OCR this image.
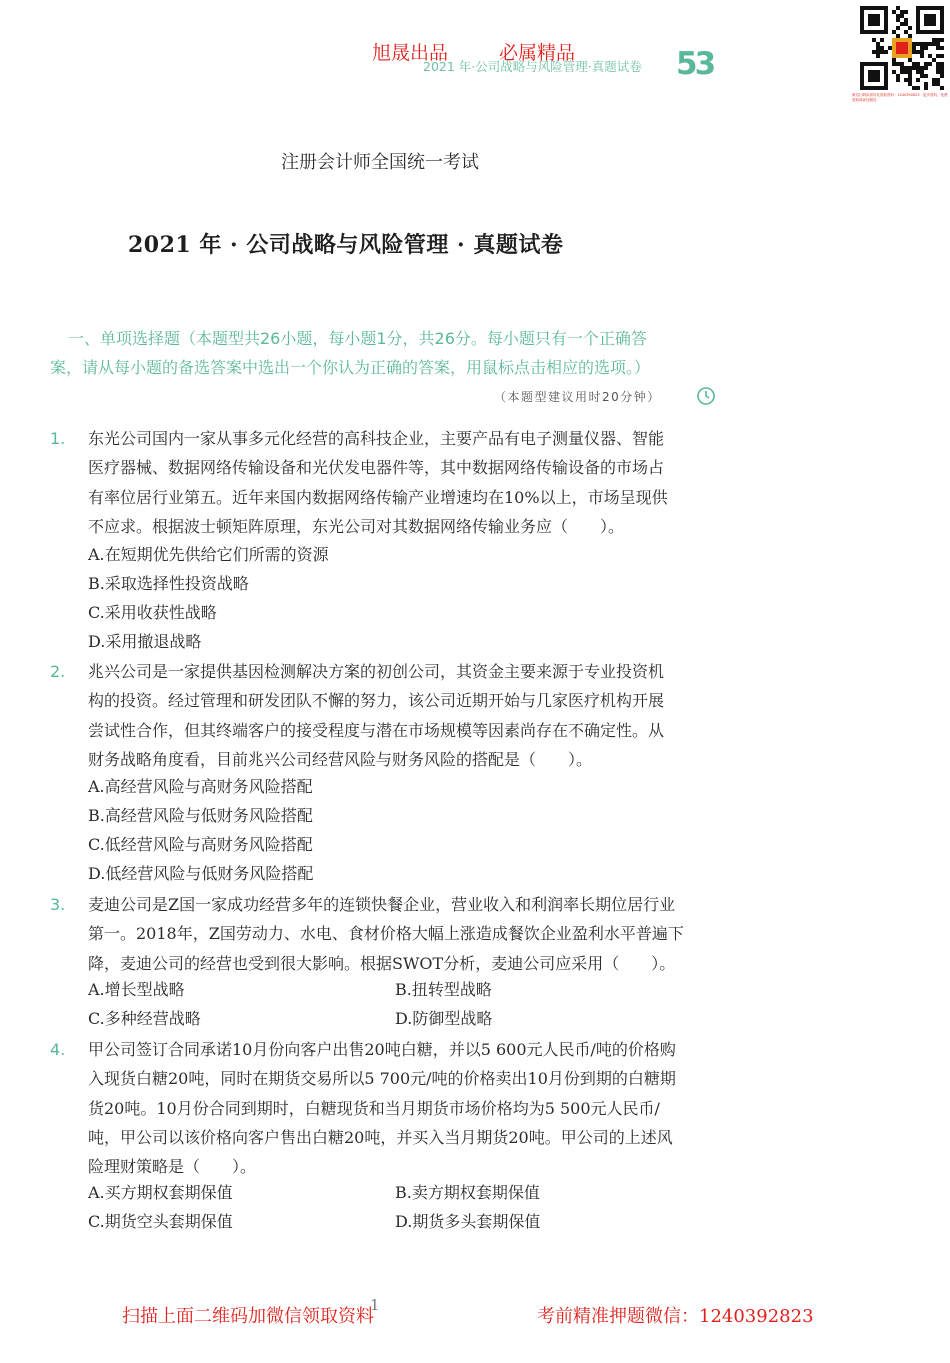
旭晟出品	必属精品
2021 年·公司战略与风险管理·真题试卷 53
微信扫码添加好友领取资料 · 1240392823 · 更多资料，免费领取请添加微信
注册会计师全国统一考试
2021 年 · 公司战略与风险管理 · 真题试卷
一、单项选择题（本题型共26小题，每小题1分，共26分。每小题只有一个正确答
案，请从每小题的备选答案中选出一个你认为正确的答案，用鼠标点击相应的选项。）
（本题型建议用时20分钟）
1. 东光公司国内一家从事多元化经营的高科技企业，主要产品有电子测量仪器、智能
医疗器械、数据网络传输设备和光伏发电器件等，其中数据网络传输设备的市场占
有率位居行业第五。近年来国内数据网络传输产业增速均在10%以上，市场呈现供
不应求。根据波士顿矩阵原理，东光公司对其数据网络传输业务应（　　）。
A.在短期优先供给它们所需的资源
B.采取选择性投资战略
C.采用收获性战略
D.采用撤退战略
2. 兆兴公司是一家提供基因检测解决方案的初创公司，其资金主要来源于专业投资机
构的投资。经过管理和研发团队不懈的努力，该公司近期开始与几家医疗机构开展
尝试性合作，但其终端客户的接受程度与潜在市场规模等因素尚存在不确定性。从
财务战略角度看，目前兆兴公司经营风险与财务风险的搭配是（　　）。
A.高经营风险与高财务风险搭配
B.高经营风险与低财务风险搭配
C.低经营风险与高财务风险搭配
D.低经营风险与低财务风险搭配
3. 麦迪公司是Z国一家成功经营多年的连锁快餐企业，营业收入和利润率长期位居行业
第一。2018年，Z国劳动力、水电、食材价格大幅上涨造成餐饮企业盈利水平普遍下
降，麦迪公司的经营也受到很大影响。根据SWOT分析，麦迪公司应采用（　　）。
A.增长型战略	B.扭转型战略
C.多种经营战略	D.防御型战略
4. 甲公司签订合同承诺10月份向客户出售20吨白糖，并以5 600元人民币/吨的价格购
入现货白糖20吨，同时在期货交易所以5 700元/吨的价格卖出10月份到期的白糖期
货20吨。10月份合同到期时，白糖现货和当月期货市场价格均为5 500元人民币/
吨，甲公司以该价格向客户售出白糖20吨，并买入当月期货20吨。甲公司的上述风
险理财策略是（　　）。
A.买方期权套期保值	B.卖方期权套期保值
C.期货空头套期保值	D.期货多头套期保值
1
扫描上面二维码加微信领取资料	考前精准押题微信：1240392823
